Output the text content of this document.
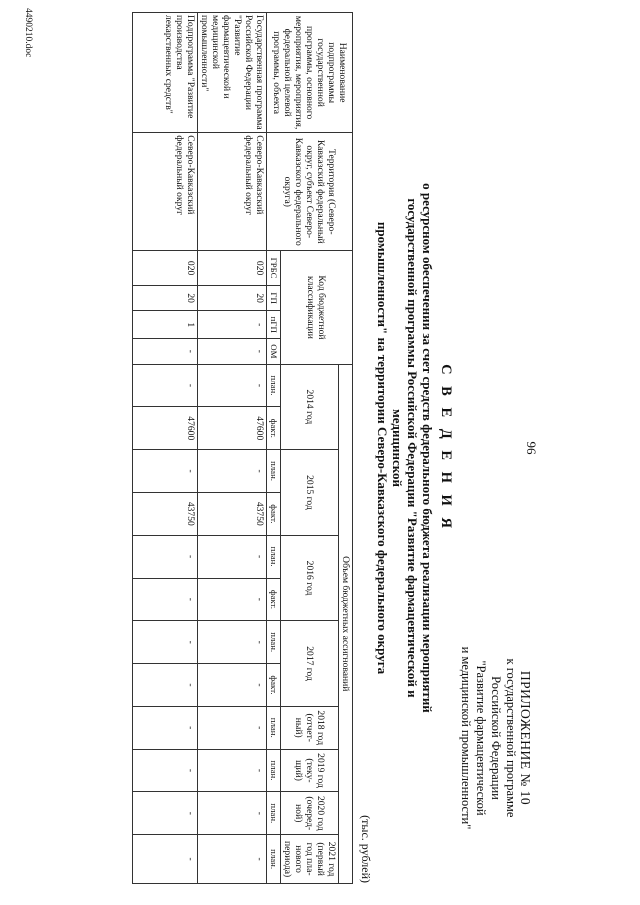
96
ПРИЛОЖЕНИЕ № 10
к государственной программе
Российской Федерации
"Развитие фармацевтической
и медицинской промышленности"
С В Е Д Е Н И Я
о ресурсном обеспечении за счет средств федерального бюджета реализации мероприятий
государственной программы Российской Федерации "Развитие фармацевтической и медицинской
промышленности" на территории Северо-Кавказского федерального округа
(тыс. рублей)
Наименование подпрограммы государственной программы, основного мероприятия, мероприятия, федеральной целевой программы, объекта	Территория (Северо-Кавказский федеральный округ, субъект Северо-Кавказского федерального округа)	Код бюджетной классификации				Объем бюджетных ассигнований											
						2014 год		2015 год		2016 год		2017 год		2018 год (отчет-ный)	2019 год (теку-щий)	2020 год (очеред-ной)	2021 год (первый год пла-нового периода)
		ГРБС	ГП	пГП	ОМ	план.	факт.	план.	факт.	план.	факт.	план.	факт.	план.	план.	план.	план.
Государственная программа Российской Федерации "Развитие фармацевтической и медицинской промышленности"	Северо-Кавказский федеральный округ	020	20	-	-	-	47600	-	43750	-	-	-	-	-	-	-	-
Подпрограмма "Развитие производства лекарственных средств"	Северо-Кавказский федеральный округ	020	20	1	-	-	47600	-	43750	-	-	-	-	-	-	-	-
4490210.doc
